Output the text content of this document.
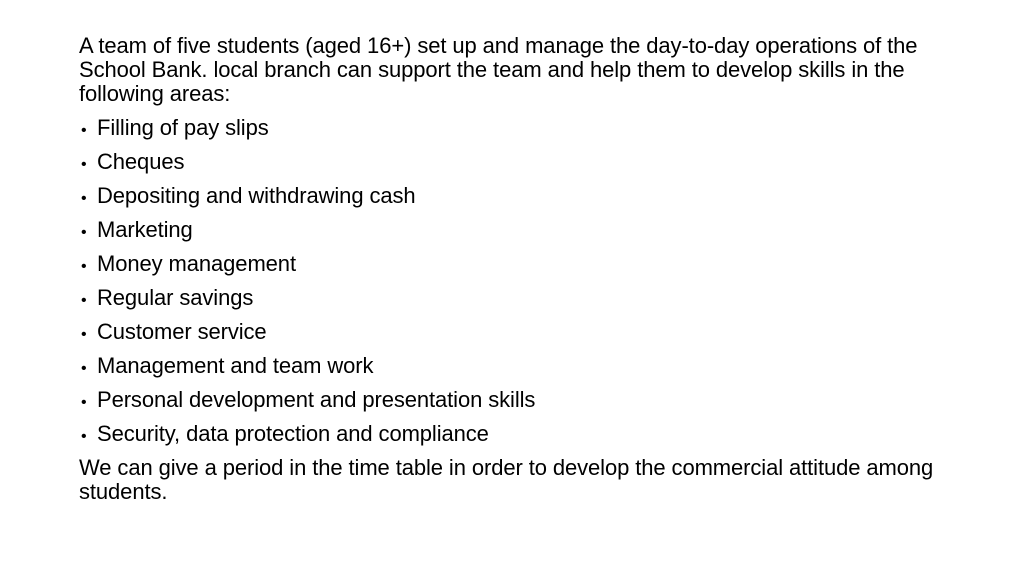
A team of five students (aged 16+) set up and manage the day-to-day operations of the School Bank. local branch can support the team and help them to develop skills in the following areas:

• Filling of pay slips
• Cheques
• Depositing and withdrawing cash
• Marketing
• Money management
• Regular savings
• Customer service
• Management and team work
• Personal development and presentation skills
• Security, data protection and compliance

We can give a period in the time table in order to develop the commercial attitude among students.
